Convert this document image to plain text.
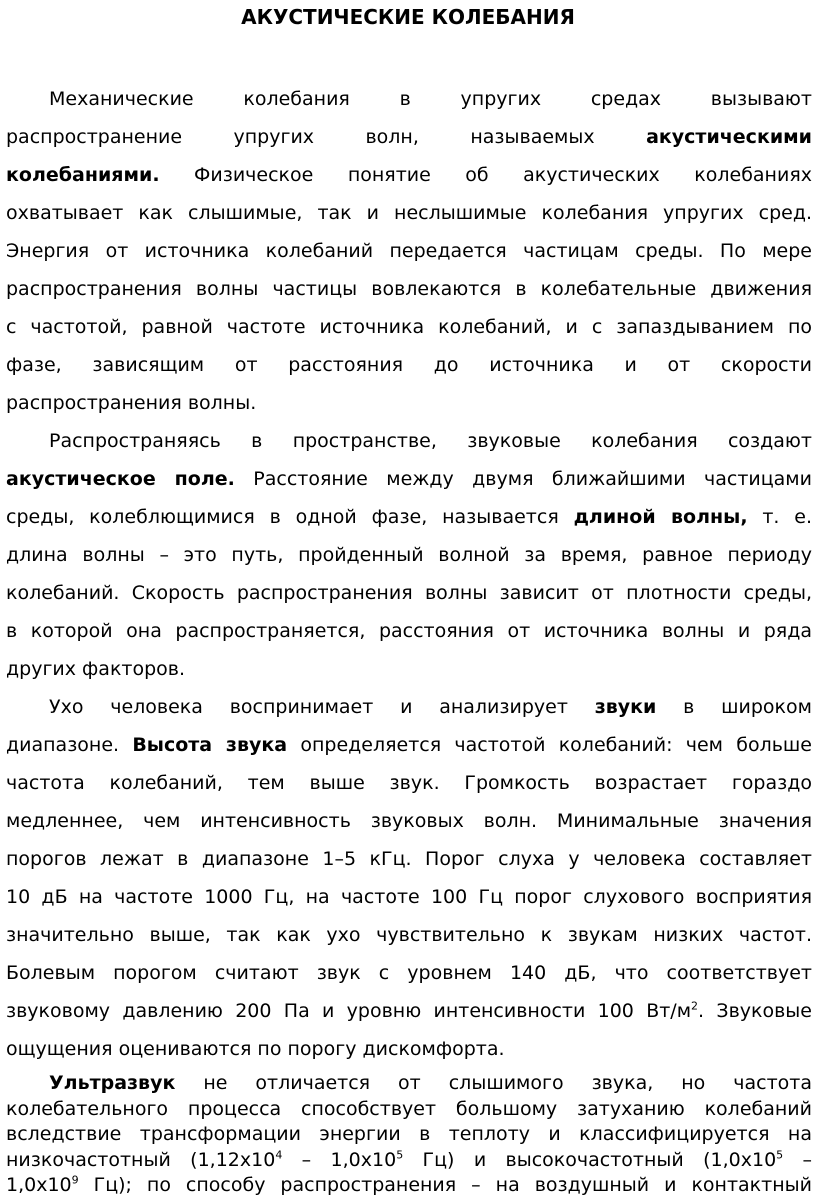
АКУСТИЧЕСКИЕ КОЛЕБАНИЯ
Механические колебания в упругих средах вызывают
распространение упругих волн, называемых акустическими
колебаниями. Физическое понятие об акустических колебаниях
охватывает как слышимые, так и неслышимые колебания упругих сред.
Энергия от источника колебаний передается частицам среды. По мере
распространения волны частицы вовлекаются в колебательные движения
с частотой, равной частоте источника колебаний, и с запаздыванием по
фазе, зависящим от расстояния до источника и от скорости
распространения волны.
Распространяясь в пространстве, звуковые колебания создают
акустическое поле. Расстояние между двумя ближайшими частицами
среды, колеблющимися в одной фазе, называется длиной волны, т. е.
длина волны – это путь, пройденный волной за время, равное периоду
колебаний. Скорость распространения волны зависит от плотности среды,
в которой она распространяется, расстояния от источника волны и ряда
других факторов.
Ухо человека воспринимает и анализирует звуки в широком
диапазоне. Высота звука определяется частотой колебаний: чем больше
частота колебаний, тем выше звук. Громкость возрастает гораздо
медленнее, чем интенсивность звуковых волн. Минимальные значения
порогов лежат в диапазоне 1–5 кГц. Порог слуха у человека составляет
10 дБ на частоте 1000 Гц, на частоте 100 Гц порог слухового восприятия
значительно выше, так как ухо чувствительно к звукам низких частот.
Болевым порогом считают звук с уровнем 140 дБ, что соответствует
звуковому давлению 200 Па и уровню интенсивности 100 $Вт/м^2$. Звуковые
ощущения оцениваются по порогу дискомфорта.
Ультразвук не отличается от слышимого звука, но частота
колебательного процесса способствует большому затуханию колебаний
вследствие трансформации энергии в теплоту и классифицируется на
низкочастотный ($1,12х10^4 - 1,0х10^5$ Гц) и высокочастотный ($1,0х10^5$ –
$1,0х10^9$ Гц); по способу распространения – на воздушный и контактный
